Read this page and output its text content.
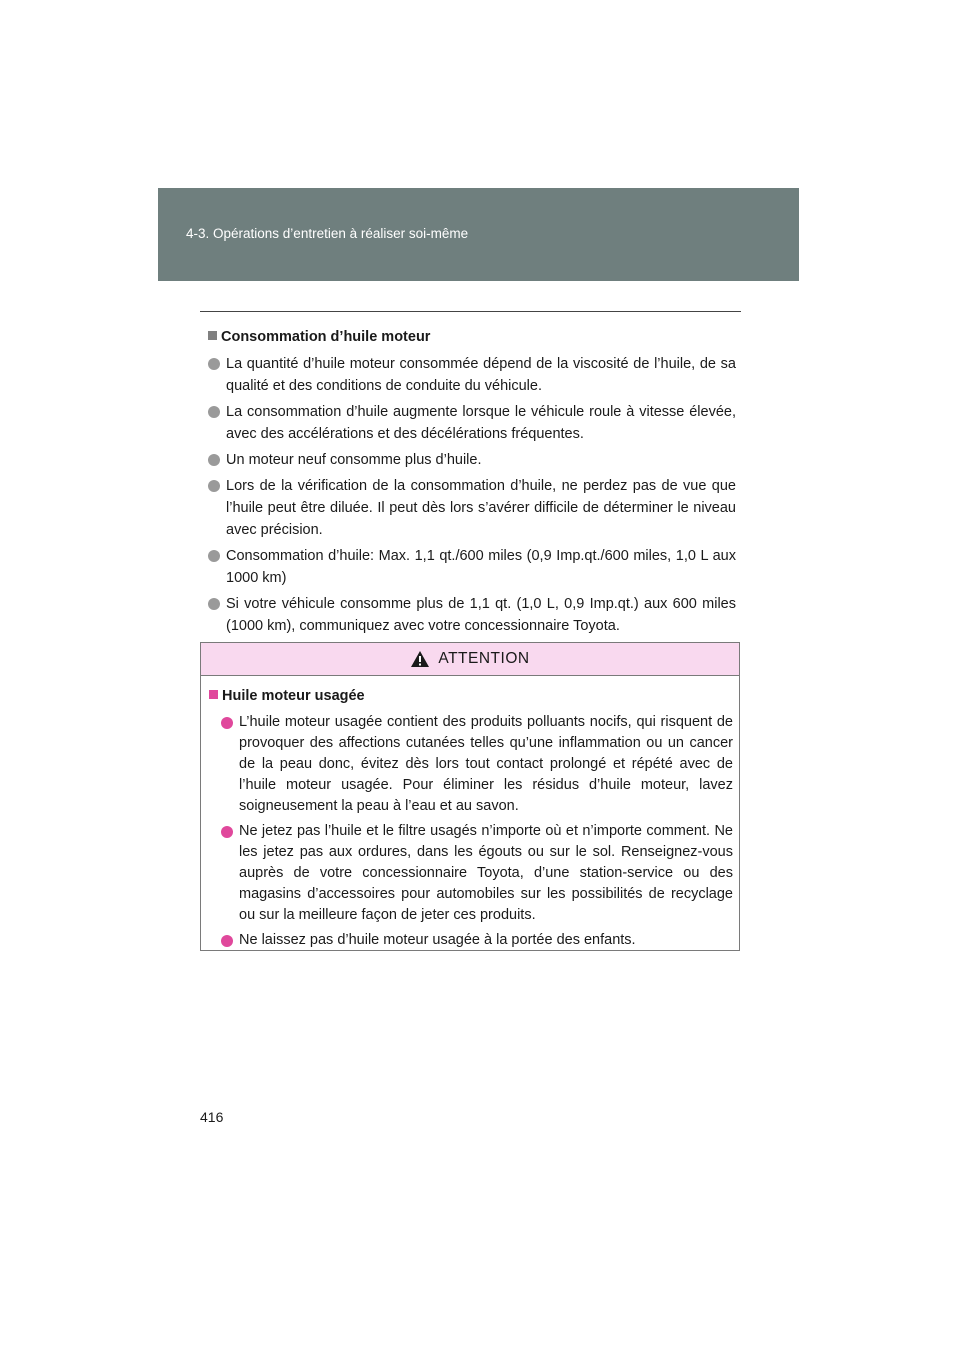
4-3. Opérations d’entretien à réaliser soi-même
Consommation d’huile moteur
La quantité d’huile moteur consommée dépend de la viscosité de l’huile, de sa qualité et des conditions de conduite du véhicule.
La consommation d’huile augmente lorsque le véhicule roule à vitesse élevée, avec des accélérations et des décélérations fréquentes.
Un moteur neuf consomme plus d’huile.
Lors de la vérification de la consommation d’huile, ne perdez pas de vue que l’huile peut être diluée. Il peut dès lors s’avérer difficile de déterminer le niveau avec précision.
Consommation d’huile: Max. 1,1 qt./600 miles (0,9 Imp.qt./600 miles, 1,0 L aux 1000 km)
Si votre véhicule consomme plus de 1,1 qt. (1,0 L, 0,9 Imp.qt.) aux 600 miles (1000 km), communiquez avec votre concessionnaire Toyota.
ATTENTION
Huile moteur usagée
L’huile moteur usagée contient des produits polluants nocifs, qui risquent de provoquer des affections cutanées telles qu’une inflammation ou un cancer de la peau donc, évitez dès lors tout contact prolongé et répété avec de l’huile moteur usagée. Pour éliminer les résidus d’huile moteur, lavez soigneusement la peau à l’eau et au savon.
Ne jetez pas l’huile et le filtre usagés n’importe où et n’importe comment. Ne les jetez pas aux ordures, dans les égouts ou sur le sol. Renseignez-vous auprès de votre concessionnaire Toyota, d’une station-service ou des magasins d’accessoires pour automobiles sur les possibilités de recyclage ou sur la meilleure façon de jeter ces produits.
Ne laissez pas d’huile moteur usagée à la portée des enfants.
416
